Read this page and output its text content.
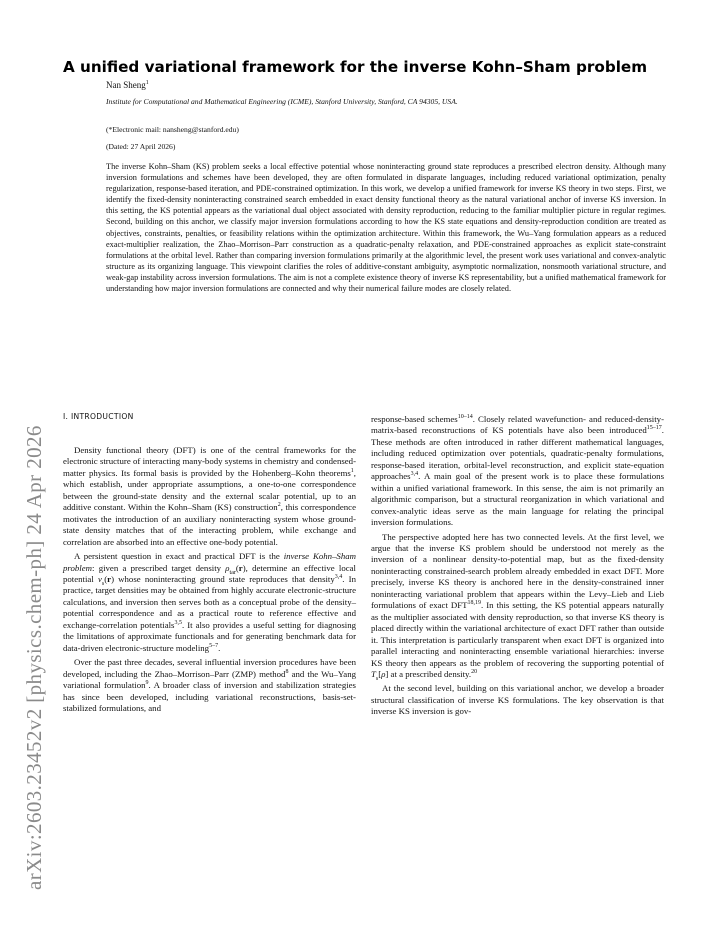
arXiv:2603.23452v2 [physics.chem-ph] 24 Apr 2026
A unified variational framework for the inverse Kohn–Sham problem
Nan Sheng$^1$
Institute for Computational and Mathematical Engineering (ICME), Stanford University, Stanford, CA 94305, USA.
(*Electronic mail: nansheng@stanford.edu)
(Dated: 27 April 2026)

The inverse Kohn–Sham (KS) problem seeks a local effective potential whose noninteracting ground state reproduces a prescribed electron density. Although many inversion formulations and schemes have been developed, they are often formulated in disparate languages, including reduced variational optimization, penalty regularization, response-based iteration, and PDE-constrained optimization. In this work, we develop a unified framework for inverse KS theory in two steps. First, we identify the fixed-density noninteracting constrained search embedded in exact density functional theory as the natural variational anchor of inverse KS inversion. In this setting, the KS potential appears as the variational dual object associated with density reproduction, reducing to the familiar multiplier picture in regular regimes. Second, building on this anchor, we classify major inversion formulations according to how the KS state equations and density-reproduction condition are treated as objectives, constraints, penalties, or feasibility relations within the optimization architecture. Within this framework, the Wu–Yang formulation appears as a reduced exact-multiplier realization, the Zhao–Morrison–Parr construction as a quadratic-penalty relaxation, and PDE-constrained approaches as explicit state-constraint formulations at the orbital level. Rather than comparing inversion formulations primarily at the algorithmic level, the present work uses variational and convex-analytic structure as its organizing language. This viewpoint clarifies the roles of additive-constant ambiguity, asymptotic normalization, nonsmooth variational structure, and weak-gap instability across inversion formulations. The aim is not a complete existence theory of inverse KS representability, but a unified mathematical framework for understanding how major inversion formulations are connected and why their numerical failure modes are closely related.

I. INTRODUCTION

Density functional theory (DFT) is one of the central frameworks for the electronic structure of interacting many-body systems in chemistry and condensed-matter physics. Its formal basis is provided by the Hohenberg–Kohn theorems$^1$, which establish, under appropriate assumptions, a one-to-one correspondence between the ground-state density and the external scalar potential, up to an additive constant. Within the Kohn–Sham (KS) construction$^2$, this correspondence motivates the introduction of an auxiliary noninteracting system whose ground-state density matches that of the interacting problem, while exchange and correlation are absorbed into an effective one-body potential.

A persistent question in exact and practical DFT is the inverse Kohn–Sham problem: given a prescribed target density $\rho_{tar}(r)$, determine an effective local potential $v_s(r)$ whose noninteracting ground state reproduces that density$^{3,4}$. In practice, target densities may be obtained from highly accurate electronic-structure calculations, and inversion then serves both as a conceptual probe of the density–potential correspondence and as a practical route to reference effective and exchange-correlation potentials$^{3,5}$. It also provides a useful setting for diagnosing the limitations of approximate functionals and for generating benchmark data for data-driven electronic-structure modeling$^{5-7}$.

Over the past three decades, several influential inversion procedures have been developed, including the Zhao–Morrison–Parr (ZMP) method$^8$ and the Wu–Yang variational formulation$^9$. A broader class of inversion and stabilization strategies has since been developed, including variational reconstructions, basis-set-stabilized formulations, and

response-based schemes$^{10-14}$. Closely related wavefunction- and reduced-density-matrix-based reconstructions of KS potentials have also been introduced$^{15-17}$. These methods are often introduced in rather different mathematical languages, including reduced optimization over potentials, quadratic-penalty formulations, response-based iteration, orbital-level reconstruction, and explicit state-equation approaches$^{3,4}$. A main goal of the present work is to place these formulations within a unified variational framework. In this sense, the aim is not primarily an algorithmic comparison, but a structural reorganization in which variational and convex-analytic ideas serve as the main language for relating the principal inversion formulations.

The perspective adopted here has two connected levels. At the first level, we argue that the inverse KS problem should be understood not merely as the inversion of a nonlinear density-to-potential map, but as the fixed-density noninteracting constrained-search problem already embedded in exact DFT. More precisely, inverse KS theory is anchored here in the density-constrained inner noninteracting variational problem that appears within the Levy–Lieb and Lieb formulations of exact DFT$^{18,19}$. In this setting, the KS potential appears naturally as the multiplier associated with density reproduction, so that inverse KS theory is placed directly within the variational architecture of exact DFT rather than outside it. This interpretation is particularly transparent when exact DFT is organized into parallel interacting and noninteracting ensemble variational hierarchies: inverse KS theory then appears as the problem of recovering the supporting potential of $T_s[\rho]$ at a prescribed density.$^{20}$

At the second level, building on this variational anchor, we develop a broader structural classification of inverse KS formulations. The key observation is that inverse KS inversion is gov-
